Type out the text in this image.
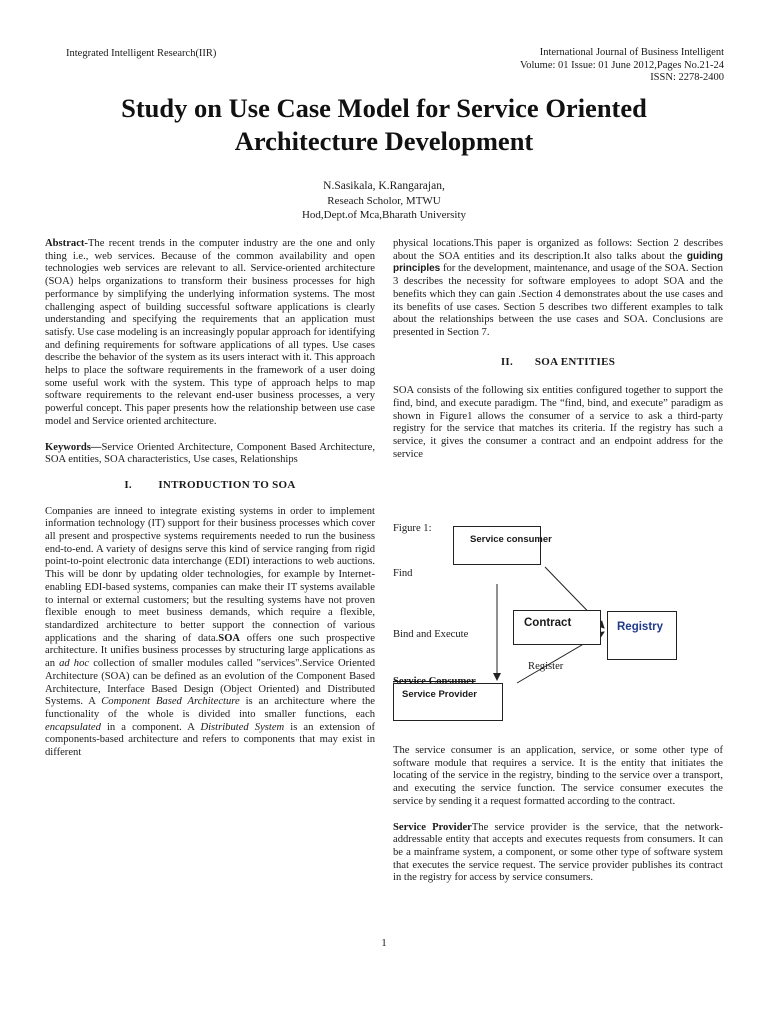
Integrated Intelligent Research(IIR)	International Journal of Business Intelligent
Volume: 01 Issue: 01 June 2012,Pages No.21-24
ISSN: 2278-2400
Study on Use Case Model for Service Oriented
Architecture Development
N.Sasikala, K.Rangarajan,
Reseach Scholor, MTWU
Hod,Dept.of Mca,Bharath University

Abstract-The recent trends in the computer industry are the one and only thing i.e., web services. Because of the common availability and open technologies web services are relevant to all. Service-oriented architecture (SOA) helps organizations to transform their business processes for high performance by simplifying the underlying information systems. The most challenging aspect of building successful software applications is clearly understanding and specifying the requirements that an application must satisfy. Use case modeling is an increasingly popular approach for identifying and defining requirements for software applications of all types. Use cases describe the behavior of the system as its users interact with it. This approach helps to place the software requirements in the framework of a user doing some useful work with the system. This type of approach helps to map software requirements to the relevant end-user business processes, a very powerful concept. This paper presents how the relationship between use case model and Service oriented architecture.

Keywords—Service Oriented Architecture, Component Based Architecture, SOA entities, SOA characteristics, Use cases, Relationships

I. INTRODUCTION TO SOA

Companies are inneed to integrate existing systems in order to implement information technology (IT) support for their business processes which cover all present and prospective systems requirements needed to run the business end-to-end. A variety of designs serve this kind of service ranging from rigid point-to-point electronic data interchange (EDI) interactions to web auctions. This will be donr by updating older technologies, for example by Internet-enabling EDI-based systems, companies can make their IT systems available to internal or external customers; but the resulting systems have not proven flexible enough to meet business demands, which require a flexible, standardized architecture to better support the connection of various applications and the sharing of data.SOA offers one such prospective architecture. It unifies business processes by structuring large applications as an ad hoc collection of smaller modules called "services".Service Oriented Architecture (SOA) can be defined as an evolution of the Component Based Architecture, Interface Based Design (Object Oriented) and Distributed Systems. A Component Based Architecture is an architecture where the functionality of the whole is divided into smaller functions, each encapsulated in a component. A Distributed System is an extension of components-based architecture and refers to components that may exist in different

physical locations.This paper is organized as follows: Section 2 describes about the SOA entities and its description.It also talks about the guiding principles for the development, maintenance, and usage of the SOA. Section 3 describes the necessity for software employees to adopt SOA and the benefits which they can gain .Section 4 demonstrates about the use cases and its benefits of use cases. Section 5 describes two different examples to talk about the relationships between the use cases and SOA. Conclusions are presented in Section 7.

II. SOA ENTITIES

SOA consists of the following six entities configured together to support the find, bind, and execute paradigm. The “find, bind, and execute” paradigm as shown in Figure1 allows the consumer of a service to ask a third-party registry for the service that matches its criteria. If the registry has such a service, it gives the consumer a contract and an endpoint address for the service

Figure 1:
Service consumer
Find
Contract	Registry
Bind and Execute
Register
Service Consumer
Service Provider

The service consumer is an application, service, or some other type of software module that requires a service. It is the entity that initiates the locating of the service in the registry, binding to the service over a transport, and executing the service function. The service consumer executes the service by sending it a request formatted according to the contract.

Service ProviderThe service provider is the service, that the network-addressable entity that accepts and executes requests from consumers. It can be a mainframe system, a component, or some other type of software system that executes the service request. The service provider publishes its contract in the registry for access by service consumers.

1
